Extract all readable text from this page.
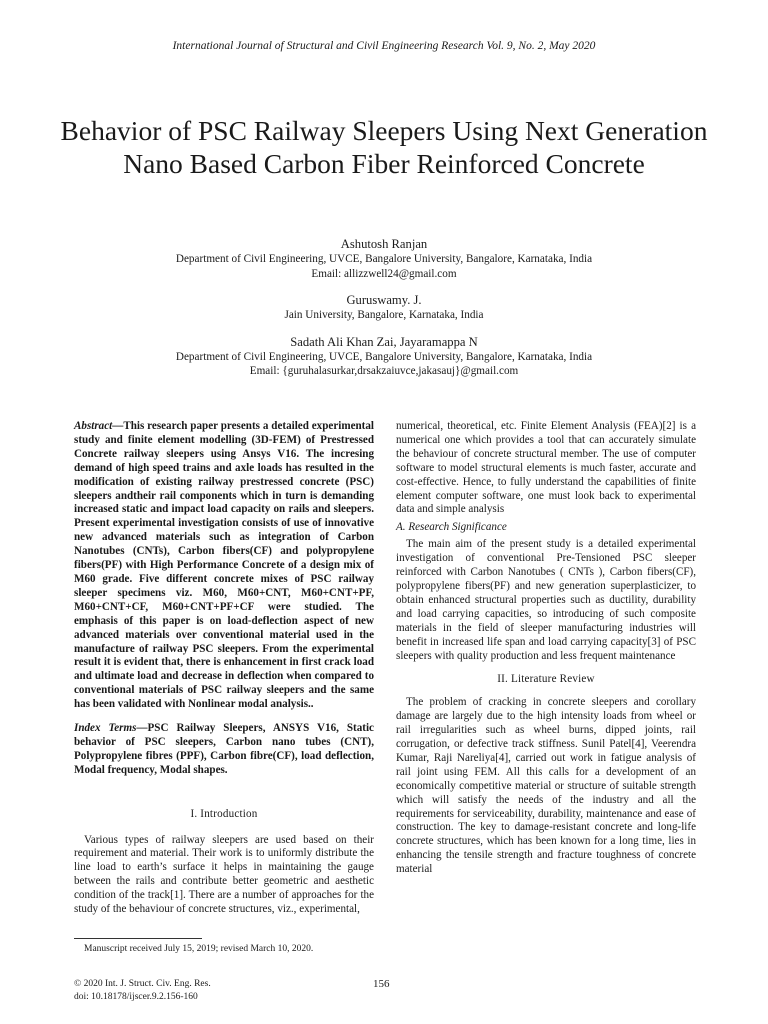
International Journal of Structural and Civil Engineering Research Vol. 9, No. 2, May 2020
Behavior of PSC Railway Sleepers Using Next Generation Nano Based Carbon Fiber Reinforced Concrete
Ashutosh Ranjan
Department of Civil Engineering, UVCE, Bangalore University, Bangalore, Karnataka, India
Email: allizzwell24@gmail.com
Guruswamy. J.
Jain University, Bangalore, Karnataka, India
Sadath Ali Khan Zai, Jayaramappa N
Department of Civil Engineering, UVCE, Bangalore University, Bangalore, Karnataka, India
Email: {guruhalasurkar,drsakzaiuvce,jakasauj}@gmail.com

Abstract—This research paper presents a detailed experimental study and finite element modelling (3D-FEM) of Prestressed Concrete railway sleepers using Ansys V16. The incresing demand of high speed trains and axle loads has resulted in the modification of existing railway prestressed concrete (PSC) sleepers andtheir rail components which in turn is demanding increased static and impact load capacity on rails and sleepers. Present experimental investigation consists of use of innovative new advanced materials such as integration of Carbon Nanotubes (CNTs), Carbon fibers(CF) and polypropylene fibers(PF) with High Performance Concrete of a design mix of M60 grade. Five different concrete mixes of PSC railway sleeper specimens viz. M60, M60+CNT, M60+CNT+PF, M60+CNT+CF, M60+CNT+PF+CF were studied. The emphasis of this paper is on load-deflection aspect of new advanced materials over conventional material used in the manufacture of railway PSC sleepers. From the experimental result it is evident that, there is enhancement in first crack load and ultimate load and decrease in deflection when compared to conventional materials of PSC railway sleepers and the same has been validated with Nonlinear modal analysis..

Index Terms—PSC Railway Sleepers, ANSYS V16, Static behavior of PSC sleepers, Carbon nano tubes (CNT), Polypropylene fibres (PPF), Carbon fibre(CF), load deflection, Modal frequency, Modal shapes.

I. Introduction

Various types of railway sleepers are used based on their requirement and material. Their work is to uniformly distribute the line load to earth’s surface it helps in maintaining the gauge between the rails and contribute better geometric and aesthetic condition of the track[1]. There are a number of approaches for the study of the behaviour of concrete structures, viz., experimental,

numerical, theoretical, etc. Finite Element Analysis (FEA)[2] is a numerical one which provides a tool that can accurately simulate the behaviour of concrete structural member. The use of computer software to model structural elements is much faster, accurate and cost-effective. Hence, to fully understand the capabilities of finite element computer software, one must look back to experimental data and simple analysis

A. Research Significance

The main aim of the present study is a detailed experimental investigation of conventional Pre-Tensioned PSC sleeper reinforced with Carbon Nanotubes ( CNTs ), Carbon fibers(CF), polypropylene fibers(PF) and new generation superplasticizer, to obtain enhanced structural properties such as ductility, durability and load carrying capacities, so introducing of such composite materials in the field of sleeper manufacturing industries will benefit in increased life span and load carrying capacity[3] of PSC sleepers with quality production and less frequent maintenance

II. Literature Review

The problem of cracking in concrete sleepers and corollary damage are largely due to the high intensity loads from wheel or rail irregularities such as wheel burns, dipped joints, rail corrugation, or defective track stiffness. Sunil Patel[4], Veerendra Kumar, Raji Nareliya[4], carried out work in fatigue analysis of rail joint using FEM. All this calls for a development of an economically competitive material or structure of suitable strength which will satisfy the needs of the industry and all the requirements for serviceability, durability, maintenance and ease of construction. The key to damage-resistant concrete and long-life concrete structures, which has been known for a long time, lies in enhancing the tensile strength and fracture toughness of concrete material

Manuscript received July 15, 2019; revised March 10, 2020.
© 2020 Int. J. Struct. Civ. Eng. Res.
doi: 10.18178/ijscer.9.2.156-160
156
